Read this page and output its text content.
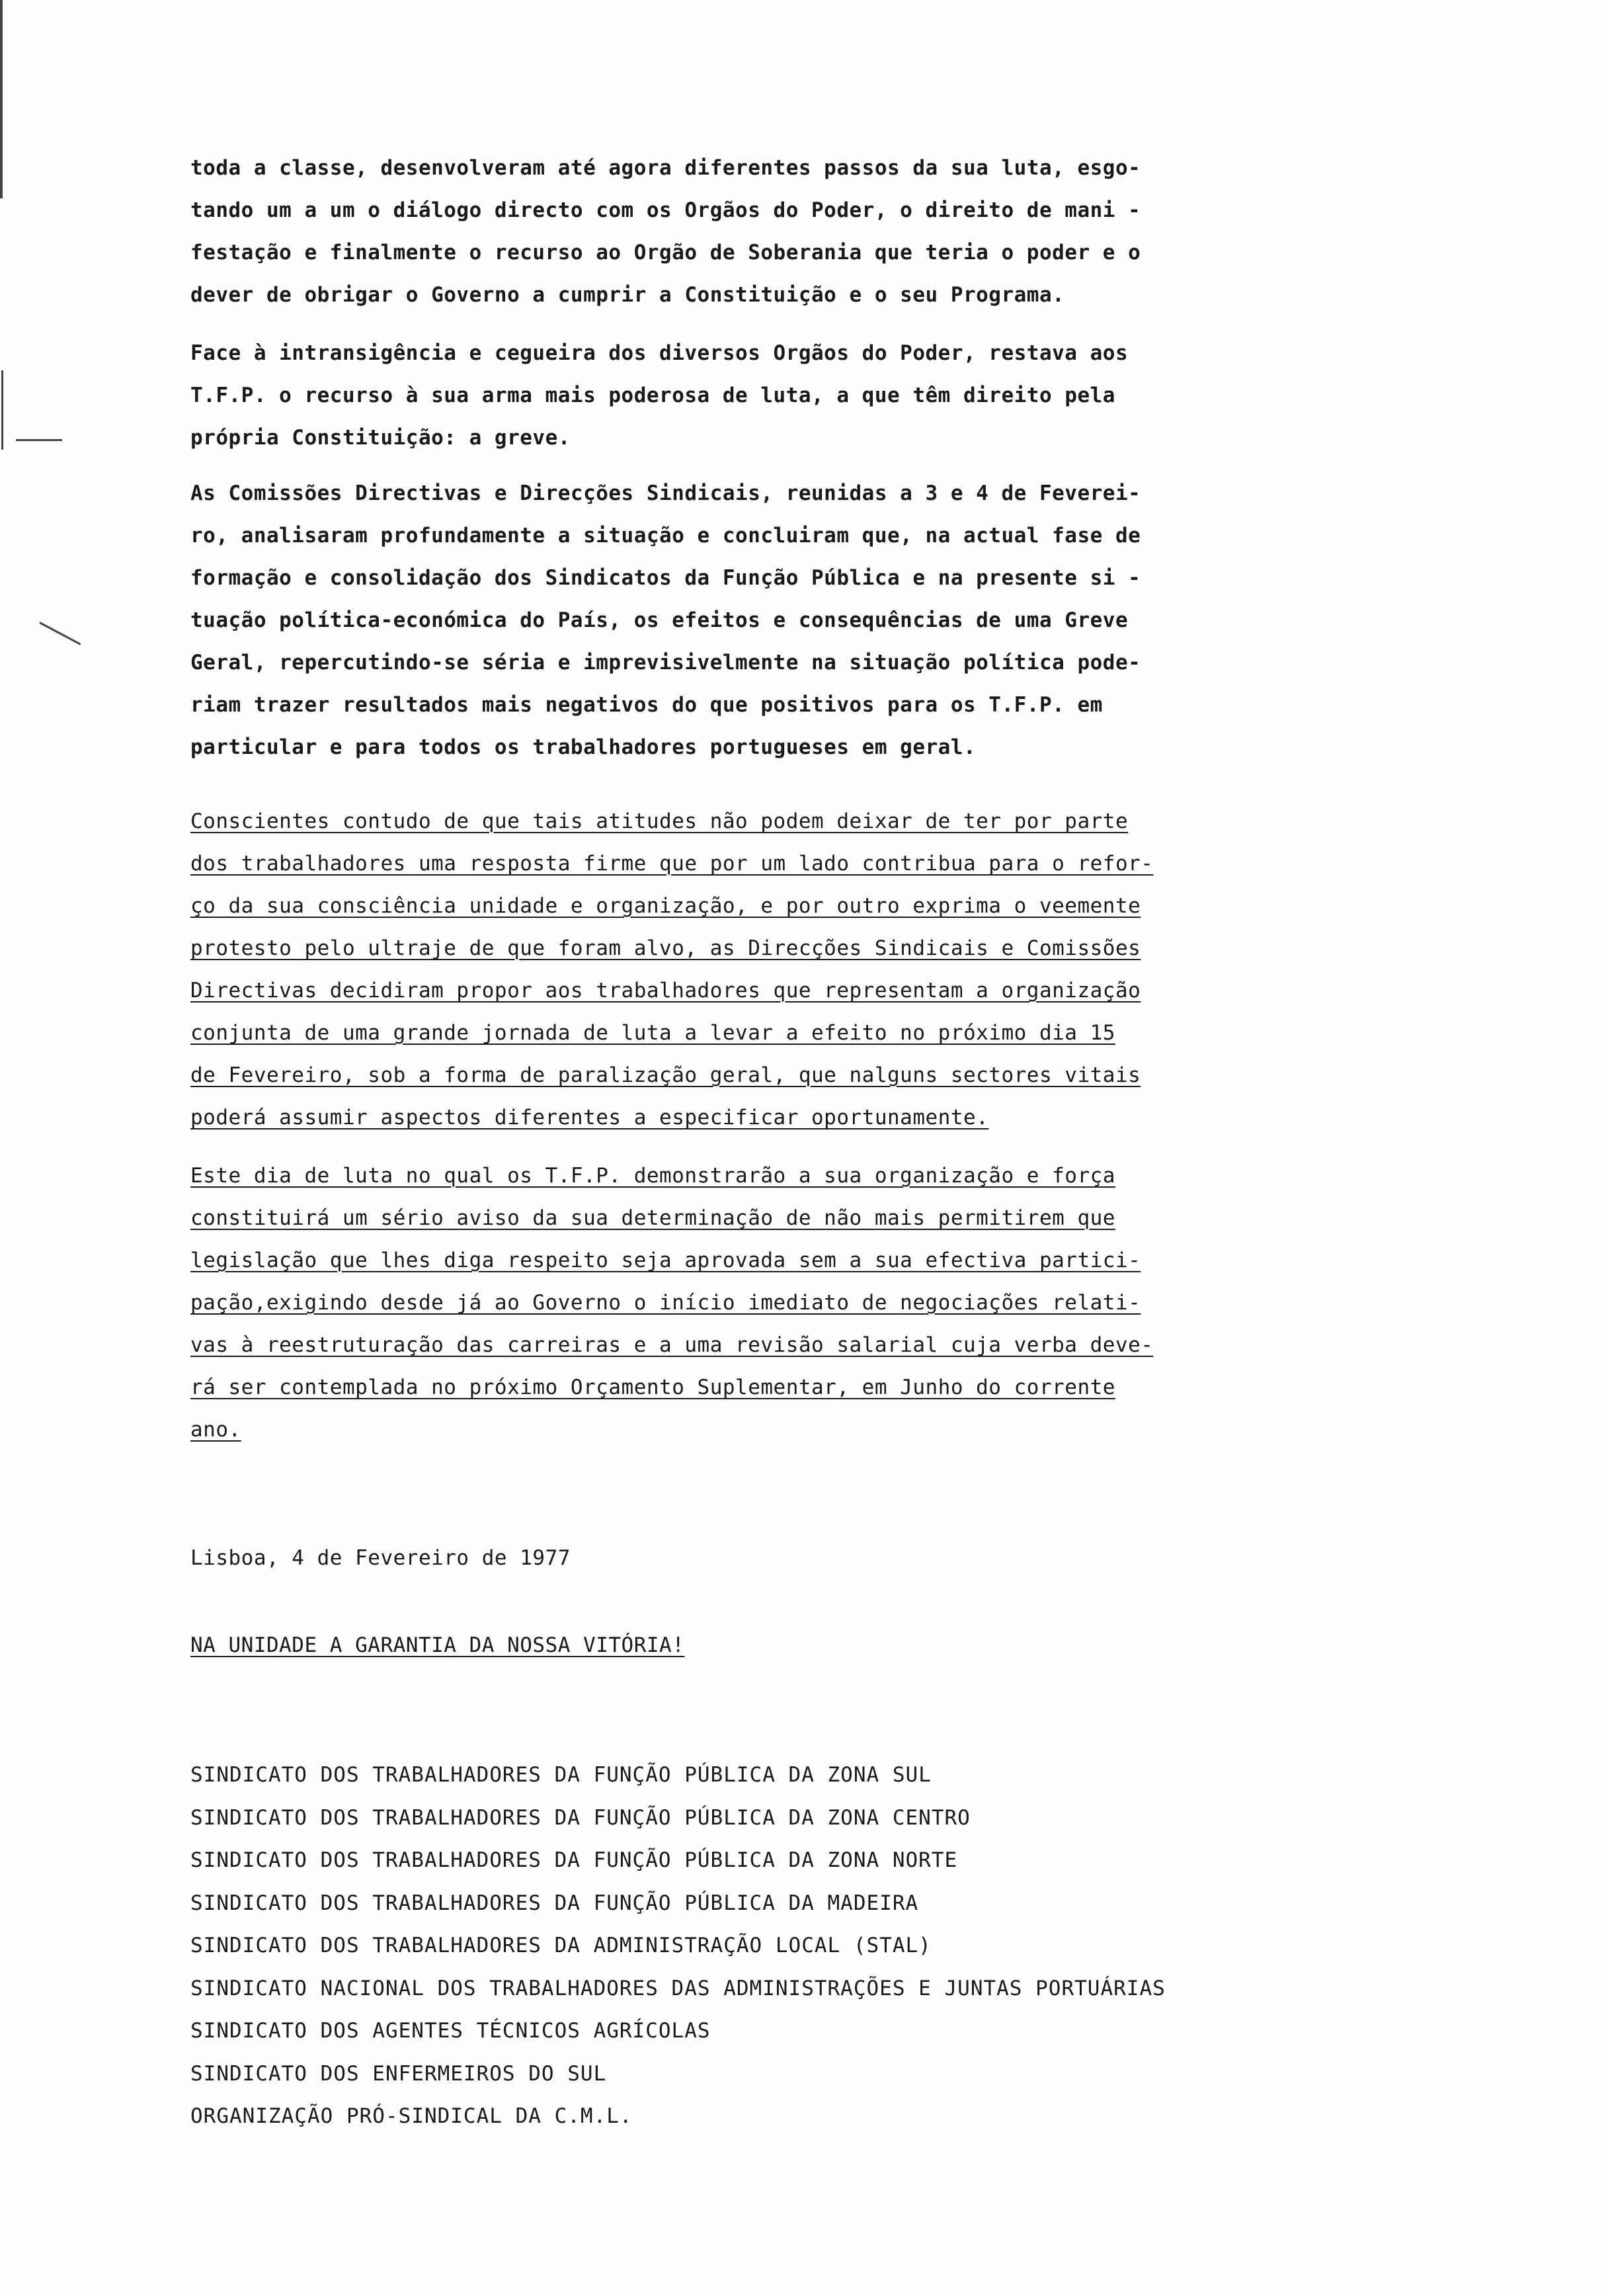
toda a classe, desenvolveram até agora diferentes passos da sua luta, esgo-
tando um a um o diálogo directo com os Orgãos do Poder, o direito de mani -
festação e finalmente o recurso ao Orgão de Soberania que teria o poder e o
dever de obrigar o Governo a cumprir a Constituição e o seu Programa.
Face à intransigência e cegueira dos diversos Orgãos do Poder, restava aos
T.F.P. o recurso à sua arma mais poderosa de luta, a que têm direito pela
própria Constituição: a greve.
As Comissões Directivas e Direcções Sindicais, reunidas a 3 e 4 de Feverei-
ro, analisaram profundamente a situação e concluiram que, na actual fase de
formação e consolidação dos Sindicatos da Função Pública e na presente si -
tuação política-económica do País, os efeitos e consequências de uma Greve
Geral, repercutindo-se séria e imprevisivelmente na situação política pode-
riam trazer resultados mais negativos do que positivos para os T.F.P. em
particular e para todos os trabalhadores portugueses em geral.
Conscientes contudo de que tais atitudes não podem deixar de ter por parte
dos trabalhadores uma resposta firme que por um lado contribua para o refor-
ço da sua consciência unidade e organização, e por outro exprima o veemente
protesto pelo ultraje de que foram alvo, as Direcções Sindicais e Comissões
Directivas decidiram propor aos trabalhadores que representam a organização
conjunta de uma grande jornada de luta a levar a efeito no próximo dia 15
de Fevereiro, sob a forma de paralização geral, que nalguns sectores vitais
poderá assumir aspectos diferentes a especificar oportunamente.
Este dia de luta no qual os T.F.P. demonstrarão a sua organização e força
constituirá um sério aviso da sua determinação de não mais permitirem que
legislação que lhes diga respeito seja aprovada sem a sua efectiva partici-
pação,exigindo desde já ao Governo o início imediato de negociações relati-
vas à reestruturação das carreiras e a uma revisão salarial cuja verba deve-
rá ser contemplada no próximo Orçamento Suplementar, em Junho do corrente
ano.
Lisboa, 4 de Fevereiro de 1977
NA UNIDADE A GARANTIA DA NOSSA VITÓRIA!
SINDICATO DOS TRABALHADORES DA FUNÇÃO PÚBLICA DA ZONA SUL
SINDICATO DOS TRABALHADORES DA FUNÇÃO PÚBLICA DA ZONA CENTRO
SINDICATO DOS TRABALHADORES DA FUNÇÃO PÚBLICA DA ZONA NORTE
SINDICATO DOS TRABALHADORES DA FUNÇÃO PÚBLICA DA MADEIRA
SINDICATO DOS TRABALHADORES DA ADMINISTRAÇÃO LOCAL (STAL)
SINDICATO NACIONAL DOS TRABALHADORES DAS ADMINISTRAÇÕES E JUNTAS PORTUÁRIAS
SINDICATO DOS AGENTES TÉCNICOS AGRÍCOLAS
SINDICATO DOS ENFERMEIROS DO SUL
ORGANIZAÇÃO PRÓ-SINDICAL DA C.M.L.
